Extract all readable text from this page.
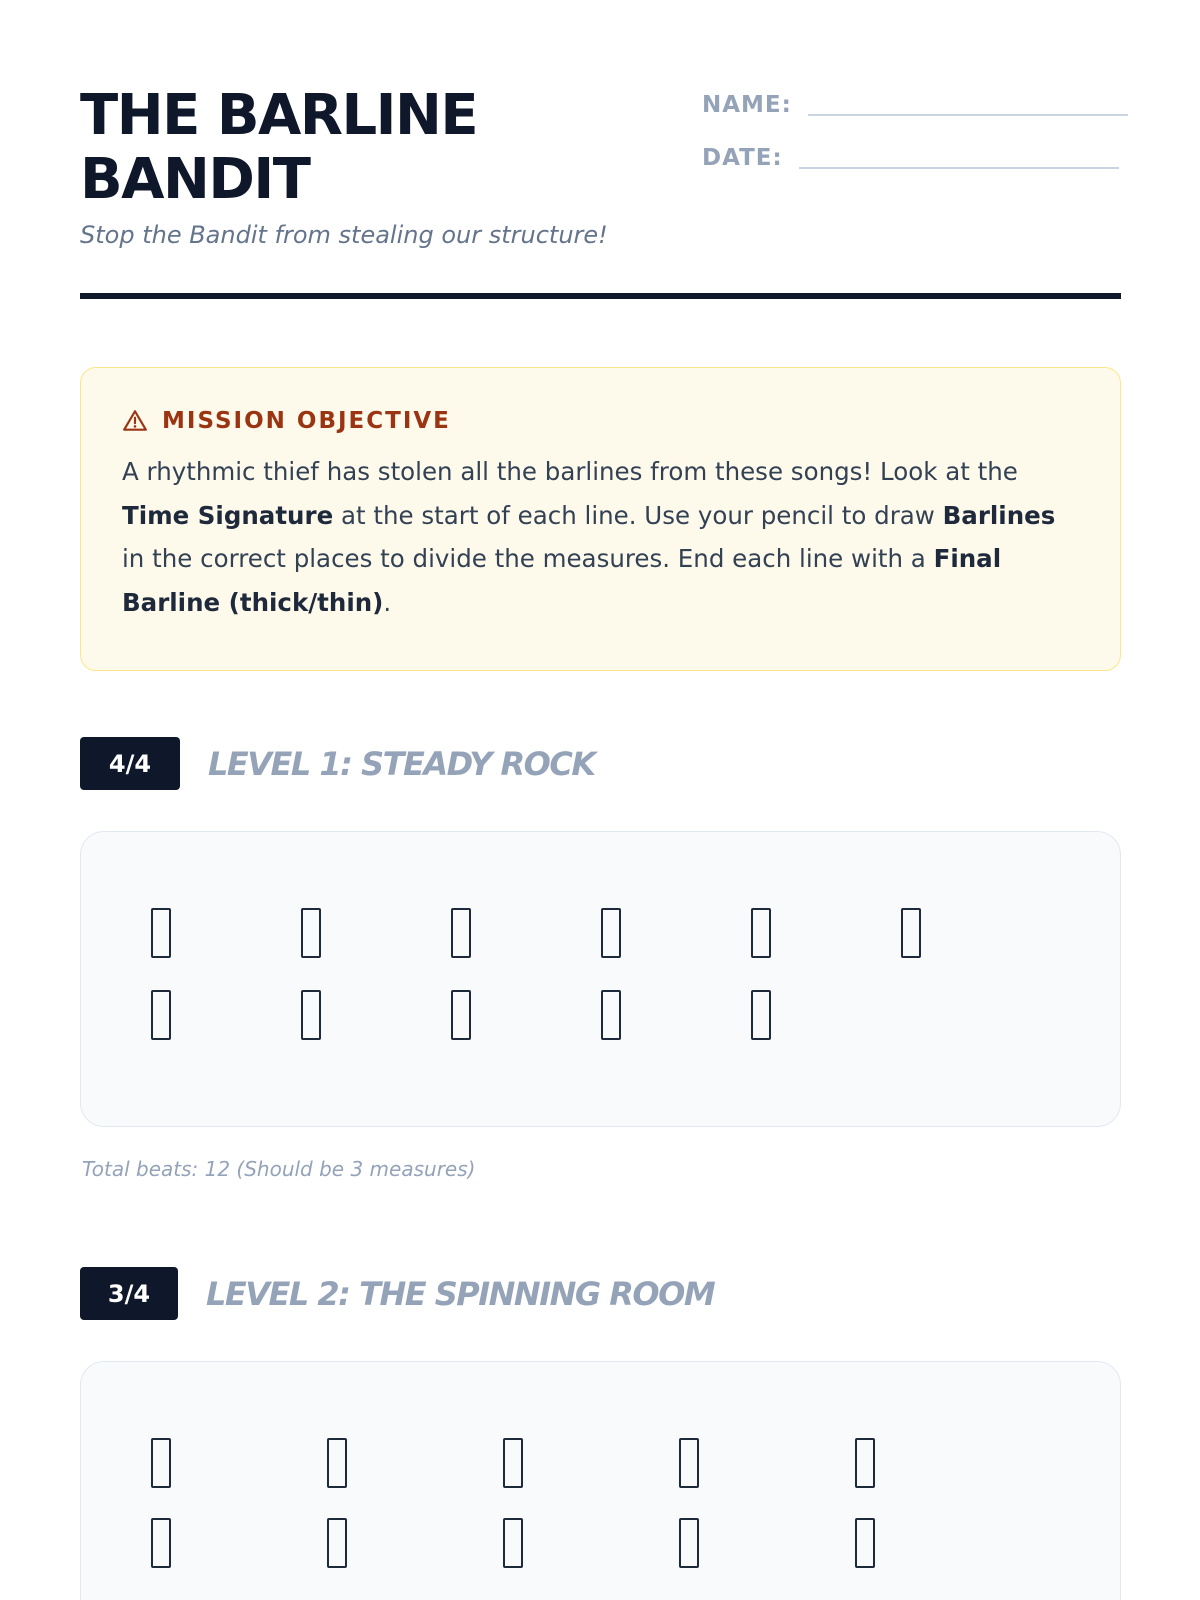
THE BARLINE
BANDIT
Stop the Bandit from stealing our structure!
NAME:
DATE:
MISSION OBJECTIVE
A rhythmic thief has stolen all the barlines from these songs! Look at the Time Signature at the start of each line. Use your pencil to draw Barlines in the correct places to divide the measures. End each line with a Final Barline (thick/thin).
4/4	LEVEL 1: STEADY ROCK
Total beats: 12 (Should be 3 measures)
3/4	LEVEL 2: THE SPINNING ROOM
